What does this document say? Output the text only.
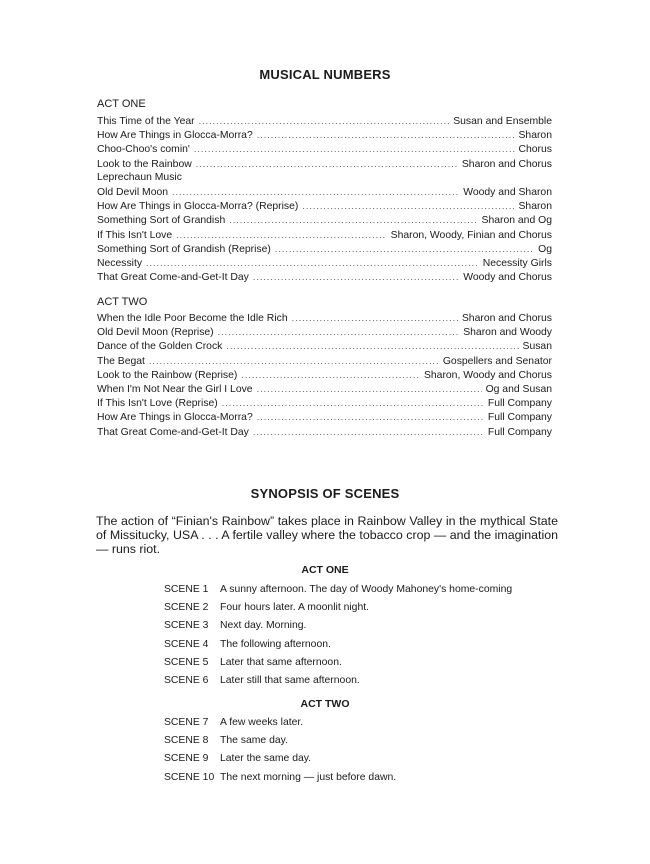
MUSICAL NUMBERS
ACT ONE
This Time of the Year .....	Susan and Ensemble
How Are Things in Glocca-Morra? .....	Sharon
Choo-Choo's comin' .....	Chorus
Look to the Rainbow .....	Sharon and Chorus
Leprechaun Music
Old Devil Moon .....	Woody and Sharon
How Are Things in Glocca-Morra? (Reprise) .....	Sharon
Something Sort of Grandish .....	Sharon and Og
If This Isn't Love .....	Sharon, Woody, Finian and Chorus
Something Sort of Grandish (Reprise) .....	Og
Necessity .....	Necessity Girls
That Great Come-and-Get-It Day .....	Woody and Chorus
ACT TWO
When the Idle Poor Become the Idle Rich .....	Sharon and Chorus
Old Devil Moon (Reprise) .....	Sharon and Woody
Dance of the Golden Crock .....	Susan
The Begat .....	Gospellers and Senator
Look to the Rainbow (Reprise) .....	Sharon, Woody and Chorus
When I'm Not Near the Girl I Love .....	Og and Susan
If This Isn't Love (Reprise) .....	Full Company
How Are Things in Glocca-Morra? .....	Full Company
That Great Come-and-Get-It Day .....	Full Company
SYNOPSIS OF SCENES

The action of “Finian's Rainbow” takes place in Rainbow Valley in the mythical State of Missitucky, USA . . . A fertile valley where the tobacco crop — and the imagination — runs riot.

ACT ONE
SCENE 1	A sunny afternoon. The day of Woody Mahoney's home-coming
SCENE 2	Four hours later. A moonlit night.
SCENE 3	Next day. Morning.
SCENE 4	The following afternoon.
SCENE 5	Later that same afternoon.
SCENE 6	Later still that same afternoon.
ACT TWO
SCENE 7	A few weeks later.
SCENE 8	The same day.
SCENE 9	Later the same day.
SCENE 10 The next morning — just before dawn.
